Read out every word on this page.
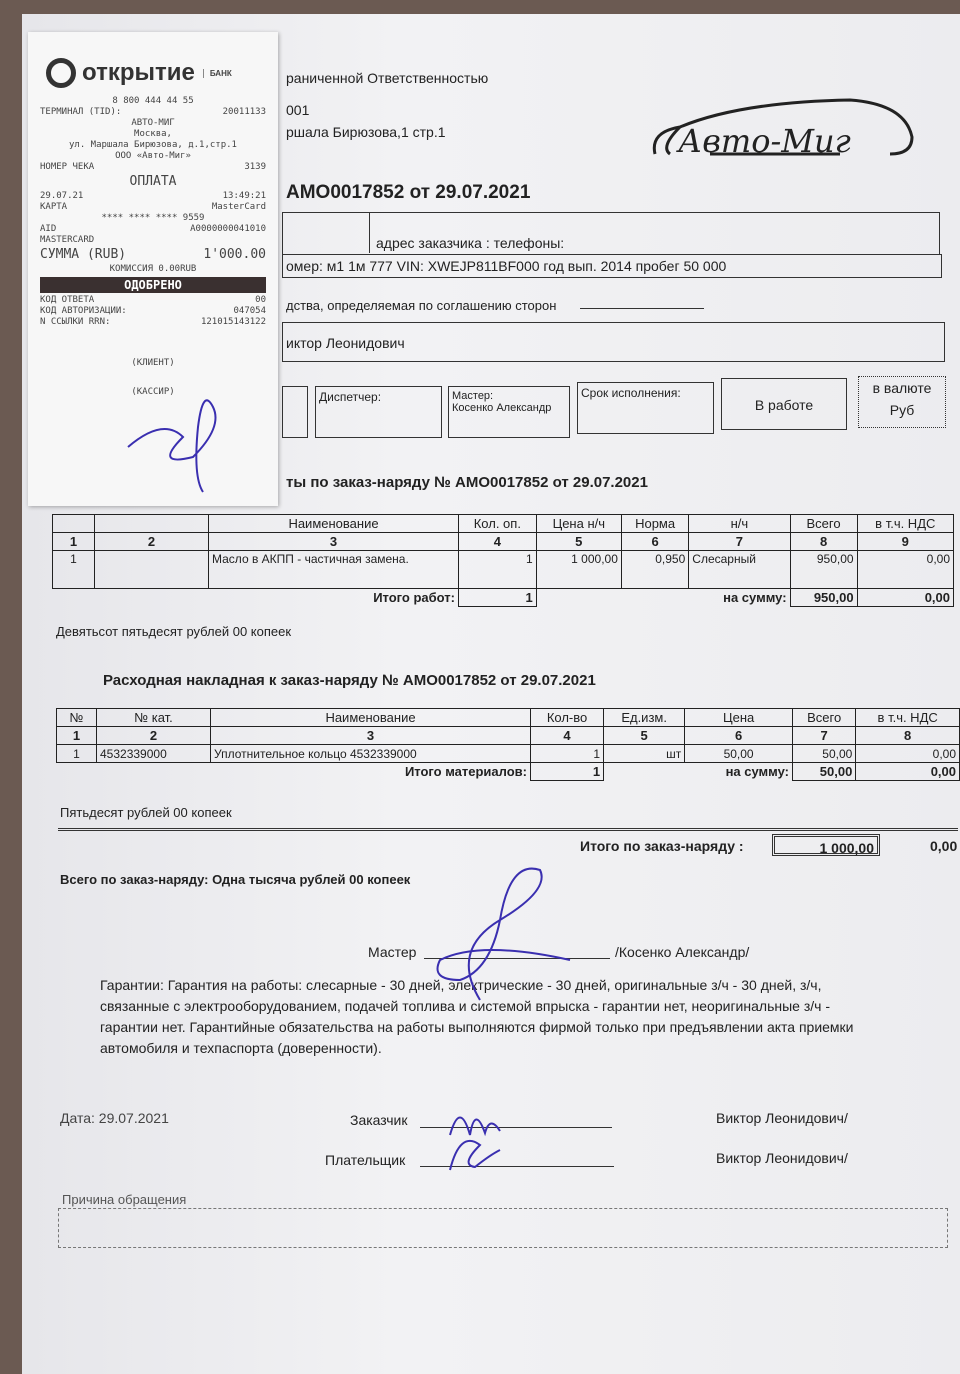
раниченной Ответственностью
001
ршала Бирюзова,1 стр.1	Авто-Миг
АМО0017852 от 29.07.2021
адрес заказчика : телефоны:
омер: м1 1м 777 VIN: XWEJP811BF000 год вып. 2014 пробег 50 000
дства, определяемая по соглашению сторон
иктор Леонидович
Диспетчер:	Мастер:
Косенко Александр
Срок исполнения:
В работе
в валюте
Руб
ты по заказ-наряду № АМО0017852 от 29.07.2021
		Наименование	Кол. оп.	Цена н/ч	Норма	н/ч	Всего	в т.ч. НДС
1	2	3	4	5	6	7	8	9
1		Масло в АКПП - частичная замена.	1	1 000,00	0,950	Слесарный	950,00	0,00
		Итого работ:	1			на сумму:	950,00	0,00
Девятьсот пятьдесят рублей 00 копеек
Расходная накладная к заказ-наряду № АМО0017852 от 29.07.2021
№	№ кат.	Наименование	Кол-во	Ед.изм.	Цена	Всего	в т.ч. НДС
1	2	3	4	5	6	7	8
1	4532339000	Уплотнительное кольцо 4532339000	1	шт	50,00	50,00	0,00
		Итого материалов:	1		на сумму:	50,00	0,00
Пятьдесят рублей 00 копеек
Итого по заказ-наряду :	1 000,00	0,00
Всего по заказ-наряду: Одна тысяча рублей 00 копеек
Мастер	/Косенко Александр/
Гарантии: Гарантия на работы: слесарные - 30 дней, электрические - 30 дней, оригинальные з/ч - 30 дней, з/ч, связанные с электрооборудованием, подачей топлива и системой впрыска - гарантии нет, неоригинальные з/ч - гарантии нет. Гарантийные обязательства на работы выполняются фирмой только при предъявлении акта приемки автомобиля и техпаспорта (доверенности).
Дата: 29.07.2021	Заказчик	Виктор Леонидович/
Плательщик	Виктор Леонидович/
Причина обращения
открытие	БАНК
8 800 444 44 55
ТЕРМИНАЛ (TID):	20011133
АВТО-МИГ
Москва,
ул. Маршала Бирюзова, д.1,стр.1
ООО «Авто-Миг»
НОМЕР ЧЕКА	3139
ОПЛАТА
29.07.21	13:49:21
КАРТА	MasterCard
**** **** **** 9559
AID	A0000000041010
MASTERCARD
СУММА (RUB)	1'000.00
КОМИССИЯ 0.00RUB
ОДОБРЕНО
КОД ОТВЕТА	00
КОД АВТОРИЗАЦИИ:	047054
N ССЫЛКИ RRN:	121015143122
(КЛИЕНТ)
(КАССИР)
